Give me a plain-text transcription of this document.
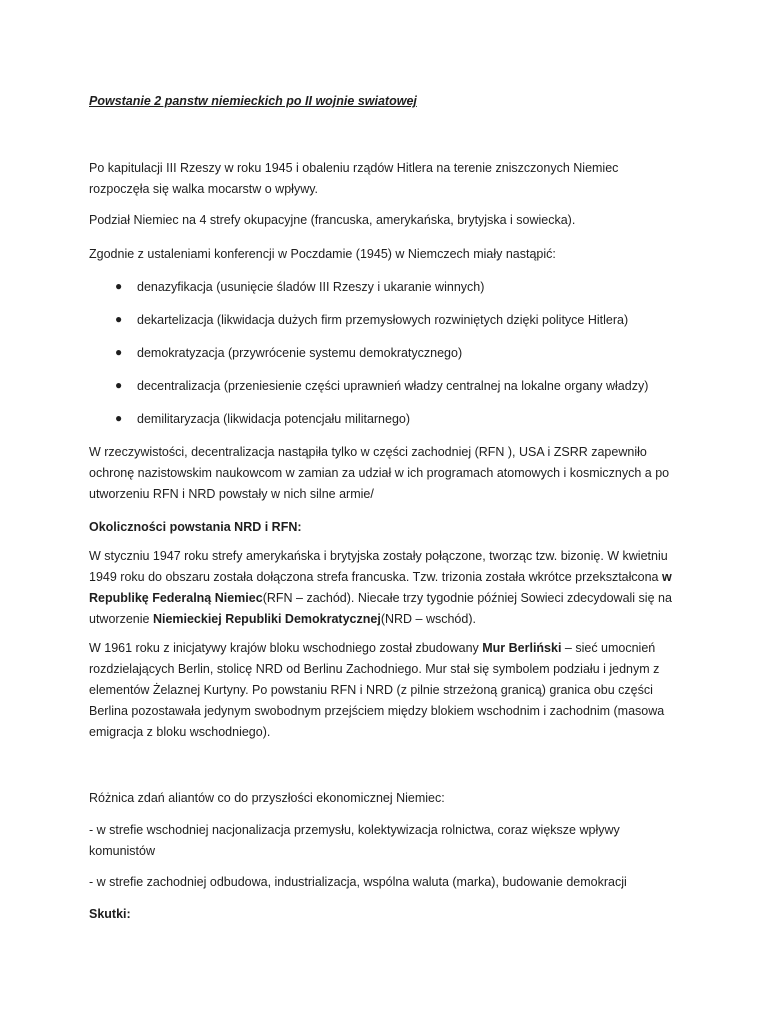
Powstanie 2 panstw niemieckich po II wojnie swiatowej
Po kapitulacji III Rzeszy w roku 1945 i obaleniu rządów Hitlera na terenie zniszczonych Niemiec
rozpoczęła się walka mocarstw o wpływy.
Podział Niemiec na 4 strefy okupacyjne (francuska, amerykańska, brytyjska i sowiecka).
Zgodnie z ustaleniami konferencji w Poczdamie (1945) w Niemczech miały nastąpić:
● denazyfikacja (usunięcie śladów III Rzeszy i ukaranie winnych)
● dekartelizacja (likwidacja dużych firm przemysłowych rozwiniętych dzięki polityce Hitlera)
● demokratyzacja (przywrócenie systemu demokratycznego)
● decentralizacja (przeniesienie części uprawnień władzy centralnej na lokalne organy władzy)
● demilitaryzacja (likwidacja potencjału militarnego)
W rzeczywistości, decentralizacja nastąpiła tylko w części zachodniej (RFN ), USA i ZSRR zapewniło
ochronę nazistowskim naukowcom w zamian za udział w ich programach atomowych i kosmicznych a po
utworzeniu RFN i NRD powstały w nich silne armie/
Okoliczności powstania NRD i RFN:
W styczniu 1947 roku strefy amerykańska i brytyjska zostały połączone, tworząc tzw. bizonię. W kwietniu
1949 roku do obszaru została dołączona strefa francuska. Tzw. trizonia została wkrótce przekształcona w
Republikę Federalną Niemiec(RFN – zachód). Niecałe trzy tygodnie później Sowieci zdecydowali się na
utworzenie Niemieckiej Republiki Demokratycznej(NRD – wschód).
W 1961 roku z inicjatywy krajów bloku wschodniego został zbudowany Mur Berliński – sieć umocnień
rozdzielających Berlin, stolicę NRD od Berlinu Zachodniego. Mur stał się symbolem podziału i jednym z
elementów Żelaznej Kurtyny. Po powstaniu RFN i NRD (z pilnie strzeżoną granicą) granica obu części
Berlina pozostawała jedynym swobodnym przejściem między blokiem wschodnim i zachodnim (masowa
emigracja z bloku wschodniego).
Różnica zdań aliantów co do przyszłości ekonomicznej Niemiec:
- w strefie wschodniej nacjonalizacja przemysłu, kolektywizacja rolnictwa, coraz większe wpływy
komunistów
- w strefie zachodniej odbudowa, industrializacja, wspólna waluta (marka), budowanie demokracji
Skutki:
